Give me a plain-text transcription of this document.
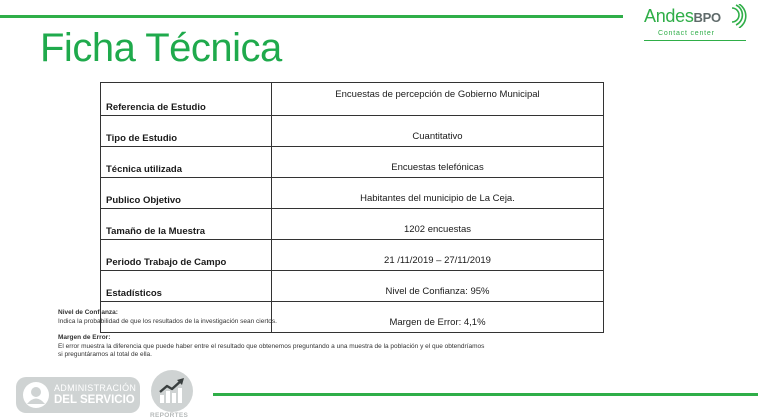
AndesBPO
Contact center
Ficha Técnica
Referencia de Estudio	Encuestas de percepción de Gobierno Municipal
Tipo de Estudio	Cuantitativo
Técnica utilizada	Encuestas telefónicas
Publico Objetivo	Habitantes del municipio de La Ceja.
Tamaño de la Muestra	1202 encuestas
Periodo Trabajo de Campo	21 /11/2019 – 27/11/2019
Estadísticos	Nivel de Confianza: 95%
	Margen de Error: 4,1%
Nivel de Confianza:
Indica la probabilidad de que los resultados de la investigación sean ciertos.
Margen de Error:
El error muestra la diferencia que puede haber entre el resultado que obtenemos preguntando a una muestra de la población y el que obtendríamos
si preguntáramos al total de ella.
ADMINISTRACIÓN
DEL SERVICIO
REPORTES
